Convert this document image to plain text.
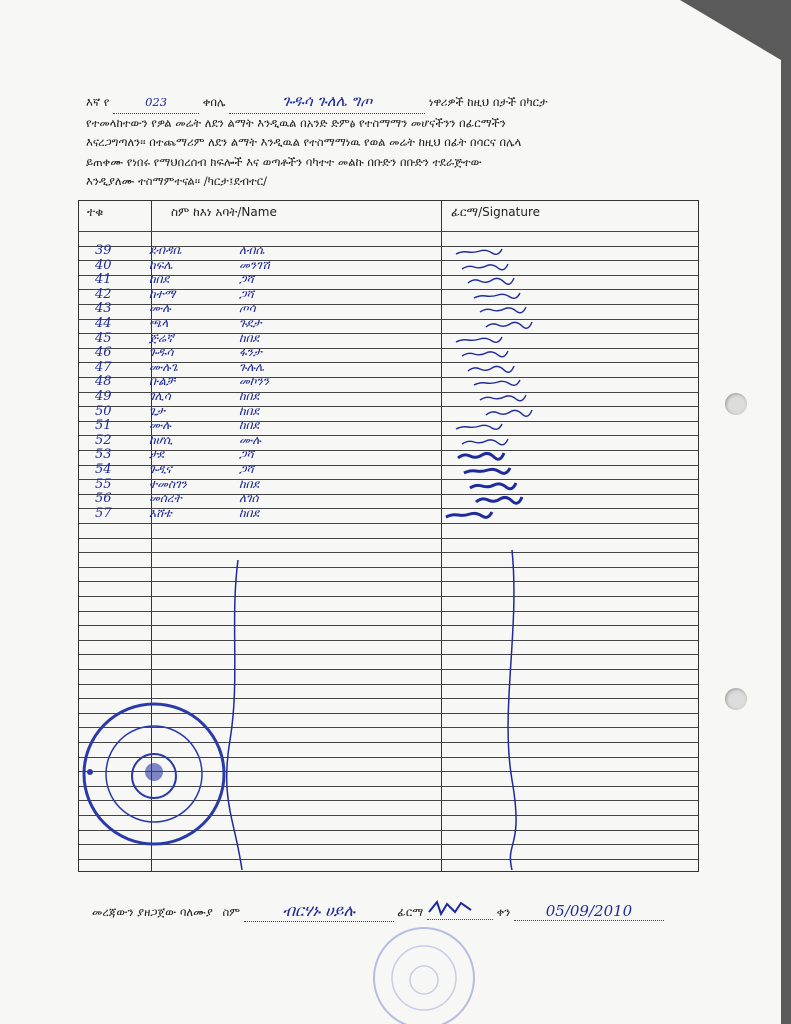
እኛ የ	023	ቀበሌ	ጉዱሳ ጉለሌ ግጦ	ነዋሪዎች ከዚህ በታች በካርታ
የተመላከተውን የዎል መሬት ለደን ልማት እንዲዉል በአንድ ድምፅ የተስማማን መሆናችንን በፊርማችን
እናረጋግጣለን፡፡ በተጨማሪም ለደን ልማት እንዲዉል የተስማማነዉ የወል መሬት ከዚህ በፊት በሳርና በሌላ
ይጠቀሙ የነበሩ የማህበረሰብ ክፍሎች እና ወጣቶችን ባካተተ መልኩ በቡድን በቡድን ተደራጅተው
እንዲያለሙ ተስማምተናል፡፡ /ካርታ፤ደብተር/
ተቁ	ስም ከእነ አባት/Name	ፊርማ/Signature
39	ደብዳቤ	ለብሴ
40	ከፍሌ	መንገሽ
41	ከበደ	ጋሻ
42	ከተማ	ጋሻ
43	ሙሉ	ጦሳ
44	ጫላ	ጉደታ
45	ጅሬኛ	ከበደ
46	ጉዱሳ	ፋንታ
47	ሙሉጌ	ጉሉሌ
48	ቡልቻ	መኮንን
49	ገሊሳ	ከበደ
50	ጊታ	ከበደ
51	ሙሉ	ከበደ
52	ከሆሲ	ሙሉ
53	ታደ	ጋሻ
54	ጉዲና	ጋሻ
55	ተመስገን	ከበደ
56	መሰረት	ለገሰ
57	እሸቴ	ከበደ
መረጃውን ያዘጋጀው ባለሙያ ስም	ብርሃኑ ሀይሉ	ፊርማ	ቀን 05/09/2010
